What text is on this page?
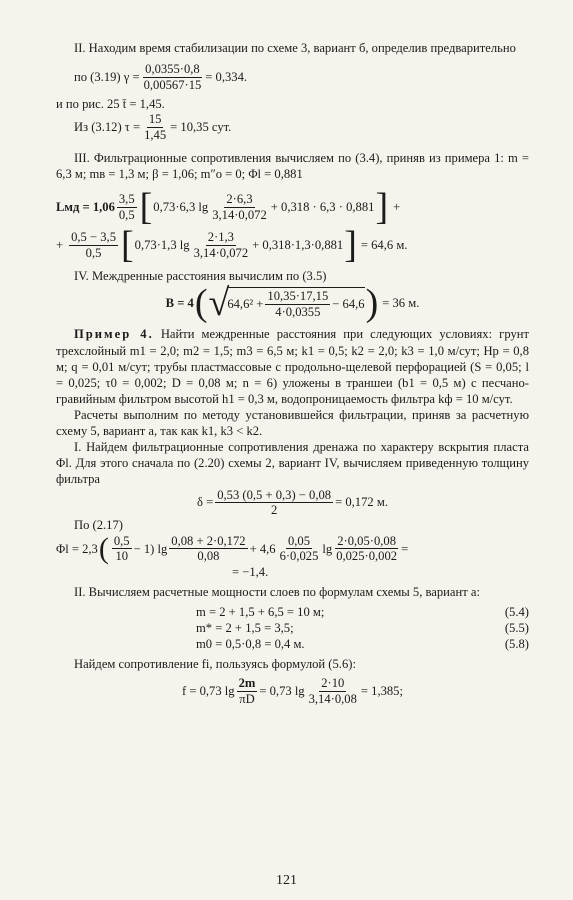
II. Находим время стабилизации по схеме 3, вариант б, определив предварительно

по (3.19) $\gamma = \frac{0,0355\cdot 0,8}{0,00567\cdot 15} = 0,334$.

и по рис. 25 t̄ = 1,45.

Из (3.12) $\tau = \frac{15}{1,45} = 10,35$ сут.

III. Фильтрационные сопротивления вычисляем по (3.4), приняв из примера 1: m = 6,3 м; mв = 1,3 м; β = 1,06; m″о = 0; Φl = 0,881

Lмд = $1,06 \frac{3,5}{0,5}$ [ 0,73·6,3 $\lg \frac{2\cdot 6,3}{3,14\cdot 0,072} + 0,318 \cdot 6,3 \cdot 0,881$ ] +
+ $\frac{0,5 - 3,5}{0,5}$ [ 0,73·1,3 $\lg \frac{2\cdot 1,3}{3,14\cdot 0,072} + 0,318\cdot 1,3\cdot 0,881$ ] = 64,6 м.

IV. Междренные расстояния вычислим по (3.5)

B = 4 ( √
$64,6^2 + \frac{10,35\cdot 17,15}{4\cdot 0,0355} - 64,6$ ) = 36 м.

Пример 4. Найти междренные расстояния при следующих условиях: грунт трехслойный m1 = 2,0; m2 = 1,5; m3 = 6,5 м; k1 = 0,5; k2 = 2,0; k3 = 1,0 м/сут; Hp = 0,8 м; q = 0,01 м/сут; трубы пластмассовые с продольно-щелевой перфорацией (S = 0,05; l = 0,025; τ0 = 0,002; D = 0,08 м; n = 6) уложены в траншеи (b1 = 0,5 м) с песчано-гравийным фильтром высотой h1 = 0,3 м, водопроницаемость фильтра kф = 10 м/сут.

Расчеты выполним по методу установившейся фильтрации, приняв за расчетную схему 5, вариант а, так как k1, k3 < k2.

I. Найдем фильтрационные сопротивления дренажа по характеру вскрытия пласта Φl. Для этого сначала по (2.20) схемы 2, вариант IV, вычисляем приведенную толщину фильтра

$\delta = \frac{0,53 (0,5 + 0,3) - 0,08}{2} = 0,172$ м.

По (2.17)

Φl = 2,3 ( $\frac{0,5}{10} - 1$) $\lg \frac{0,08 + 2\cdot 0,172}{0,08} + 4,6 \frac{0,05}{6\cdot 0,025}$ $\lg \frac{2\cdot 0,05\cdot 0,08}{0,025\cdot 0,002}$ =
= −1,4.

II. Вычисляем расчетные мощности слоев по формулам схемы 5, вариант а:

m = 2 + 1,5 + 6,5 = 10 м;	(5.4)
m* = 2 + 1,5 = 3,5;	(5.5)
m0 = 0,5·0,8 = 0,4 м.	(5.8)

Найдем сопротивление fi, пользуясь формулой (5.6):

f = 0,73 $\lg \frac{2m}{\pi D} = 0,73$ $\lg \frac{2\cdot 10}{3,14\cdot 0,08} = 1,385$;
121
